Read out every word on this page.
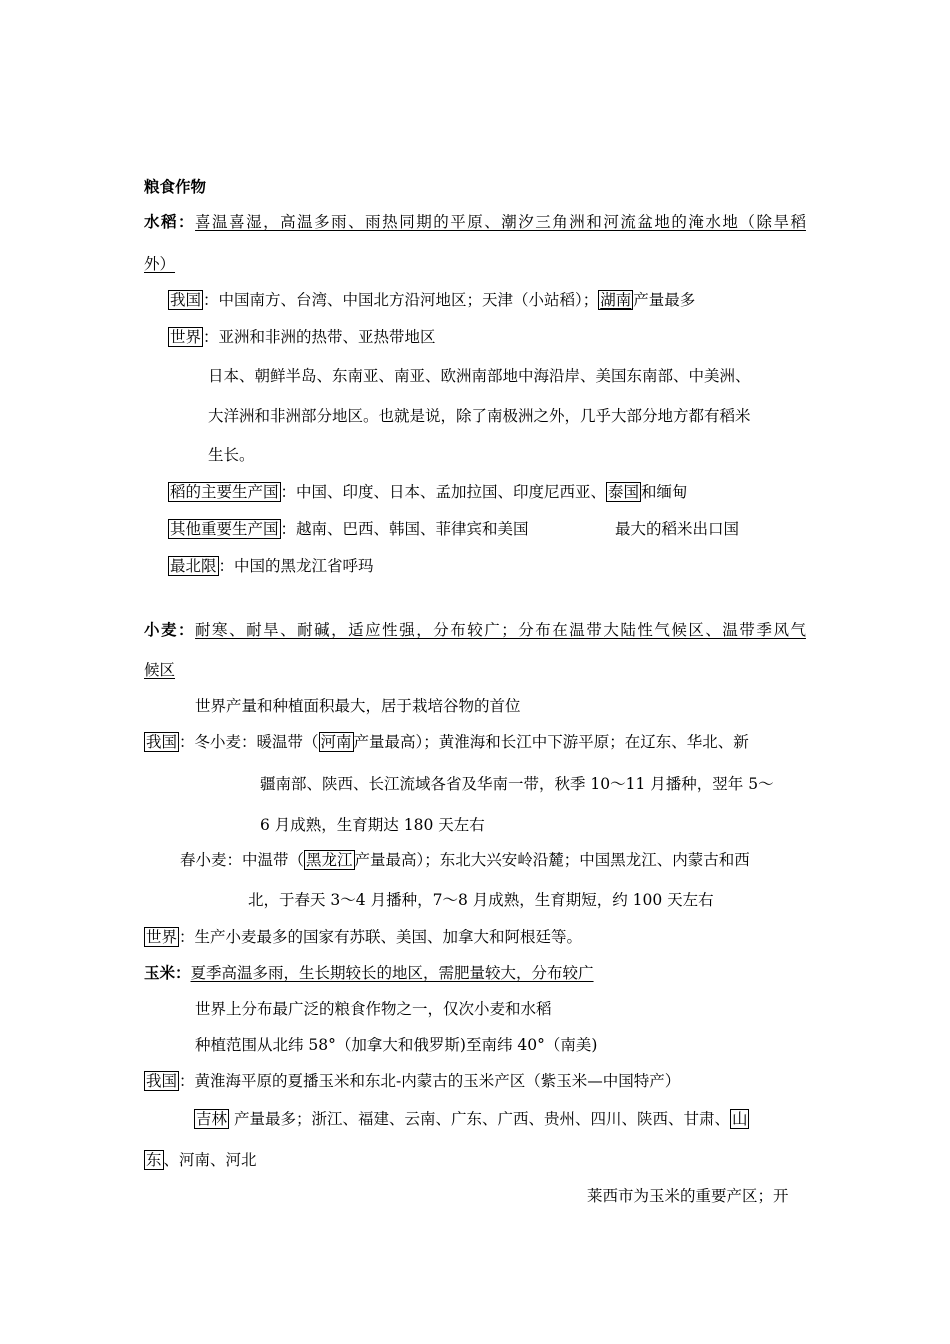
粮食作物
水稻：喜温喜湿，高温多雨、雨热同期的平原、潮汐三角洲和河流盆地的淹水地（除旱稻
外）
我国 ：中国南方、台湾、中国北方沿河地区；天津（小站稻）； 湖南 产量最多
世界 ：亚洲和非洲的热带、亚热带地区
日本、朝鲜半岛、东南亚、南亚、欧洲南部地中海沿岸、美国东南部、中美洲、
大洋洲和非洲部分地区。也就是说，除了南极洲之外，几乎大部分地方都有稻米
生长。
稻的主要生产国 ：中国、印度、日本、孟加拉国、印度尼西亚、 泰国 和缅甸
其他重要生产国 ：越南、巴西、韩国、菲律宾和美国	最大的稻米出口国
最北限 ：中国的黑龙江省呼玛
小麦：耐寒、耐旱、耐碱，适应性强，分布较广；分布在温带大陆性气候区、温带季风气
候区
世界产量和种植面积最大，居于栽培谷物的首位
我国 ：冬小麦：暖温带（ 河南 产量最高）；黄淮海和长江中下游平原；在辽东、华北、新
疆南部、陕西、长江流域各省及华南一带，秋季 10～11 月播种，翌年 5～
6 月成熟，生育期达 180 天左右
春小麦：中温带（ 黑龙江 产量最高）；东北大兴安岭沿麓；中国黑龙江、内蒙古和西
北，于春天 3～4 月播种，7～8 月成熟，生育期短，约 100 天左右
世界 ：生产小麦最多的国家有苏联、美国、加拿大和阿根廷等。
玉米：夏季高温多雨，生长期较长的地区，需肥量较大，分布较广
世界上分布最广泛的粮食作物之一，仅次小麦和水稻
种植范围从北纬 58°（加拿大和俄罗斯)至南纬 40°（南美)
我国 ：黄淮海平原的夏播玉米和东北-内蒙古的玉米产区（紫玉米—中国特产）
吉林 产量最多；浙江、福建、云南、广东、广西、贵州、四川、陕西、甘肃、 山
东 、河南、河北
莱西市为玉米的重要产区；开
